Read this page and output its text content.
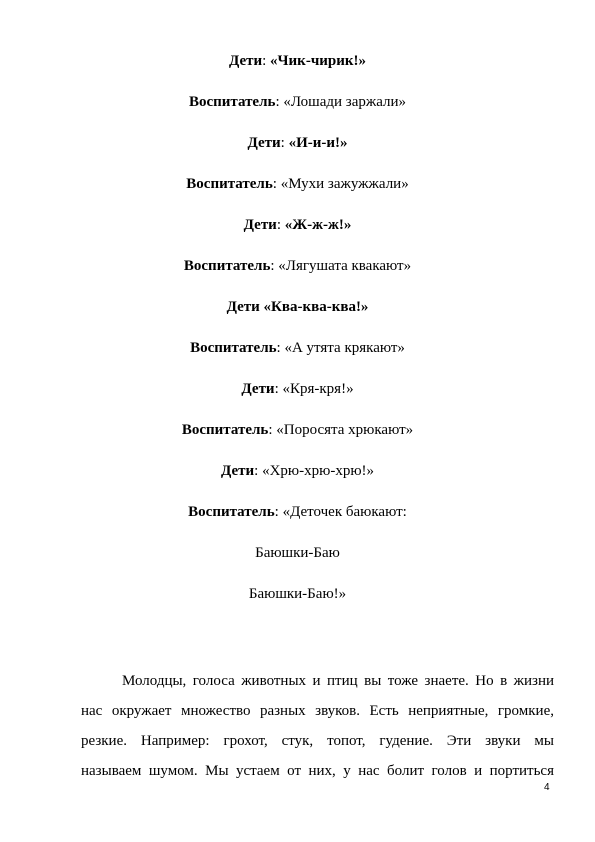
Дети: «Чик-чирик!»
Воспитатель: «Лошади заржали»
Дети: «И-и-и!»
Воспитатель: «Мухи зажужжали»
Дети: «Ж-ж-ж!»
Воспитатель: «Лягушата квакают»
Дети «Ква-ква-ква!»
Воспитатель: «А утята крякают»
Дети: «Кря-кря!»
Воспитатель: «Поросята хрюкают»
Дети: «Хрю-хрю-хрю!»
Воспитатель: «Деточек баюкают:
Баюшки-Баю
Баюшки-Баю!»
Молодцы, голоса животных и птиц вы тоже знаете. Но в жизни
нас окружает множество разных звуков. Есть неприятные, громкие,
резкие. Например: грохот, стук, топот, гудение. Эти звуки мы
называем шумом. Мы устаем от них, у нас болит голов и портиться
4
